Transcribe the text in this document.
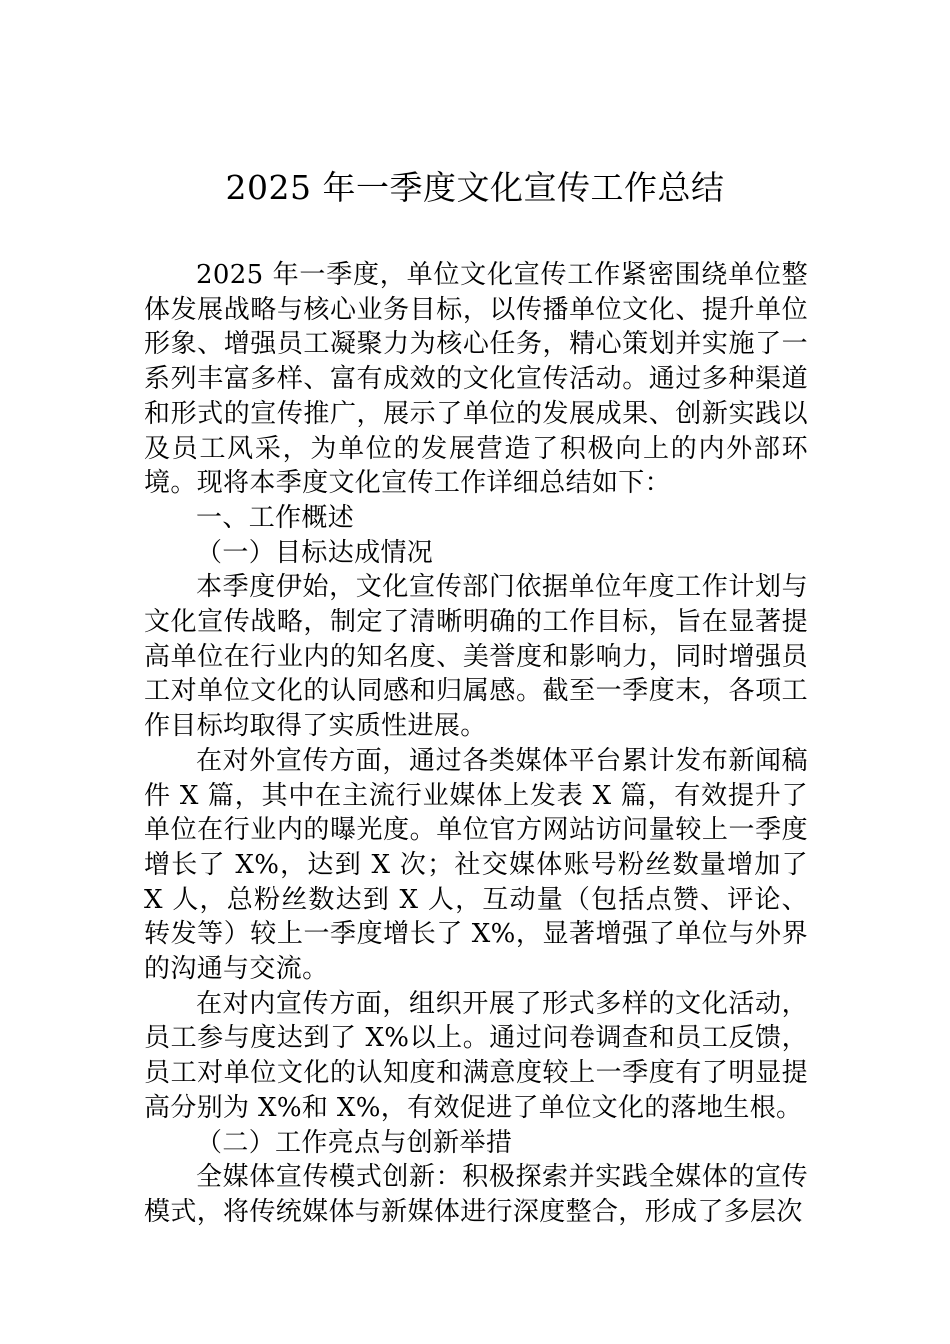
2025 年一季度文化宣传工作总结

2025 年一季度，单位文化宣传工作紧密围绕单位整体发展战略与核心业务目标，以传播单位文化、提升单位形象、增强员工凝聚力为核心任务，精心策划并实施了一系列丰富多样、富有成效的文化宣传活动。通过多种渠道和形式的宣传推广，展示了单位的发展成果、创新实践以及员工风采，为单位的发展营造了积极向上的内外部环境。现将本季度文化宣传工作详细总结如下：

一、工作概述

（一）目标达成情况

本季度伊始，文化宣传部门依据单位年度工作计划与文化宣传战略，制定了清晰明确的工作目标，旨在显著提高单位在行业内的知名度、美誉度和影响力，同时增强员工对单位文化的认同感和归属感。截至一季度末，各项工作目标均取得了实质性进展。

在对外宣传方面，通过各类媒体平台累计发布新闻稿件 X 篇，其中在主流行业媒体上发表 X 篇，有效提升了单位在行业内的曝光度。单位官方网站访问量较上一季度增长了 X%，达到 X 次；社交媒体账号粉丝数量增加了 X 人，总粉丝数达到 X 人，互动量（包括点赞、评论、转发等）较上一季度增长了 X%，显著增强了单位与外界的沟通与交流。

在对内宣传方面，组织开展了形式多样的文化活动，员工参与度达到了 X%以上。通过问卷调查和员工反馈，员工对单位文化的认知度和满意度较上一季度有了明显提高分别为 X%和 X%，有效促进了单位文化的落地生根。

（二）工作亮点与创新举措

全媒体宣传模式创新：积极探索并实践全媒体的宣传模式，将传统媒体与新媒体进行深度整合，形成了多层次
